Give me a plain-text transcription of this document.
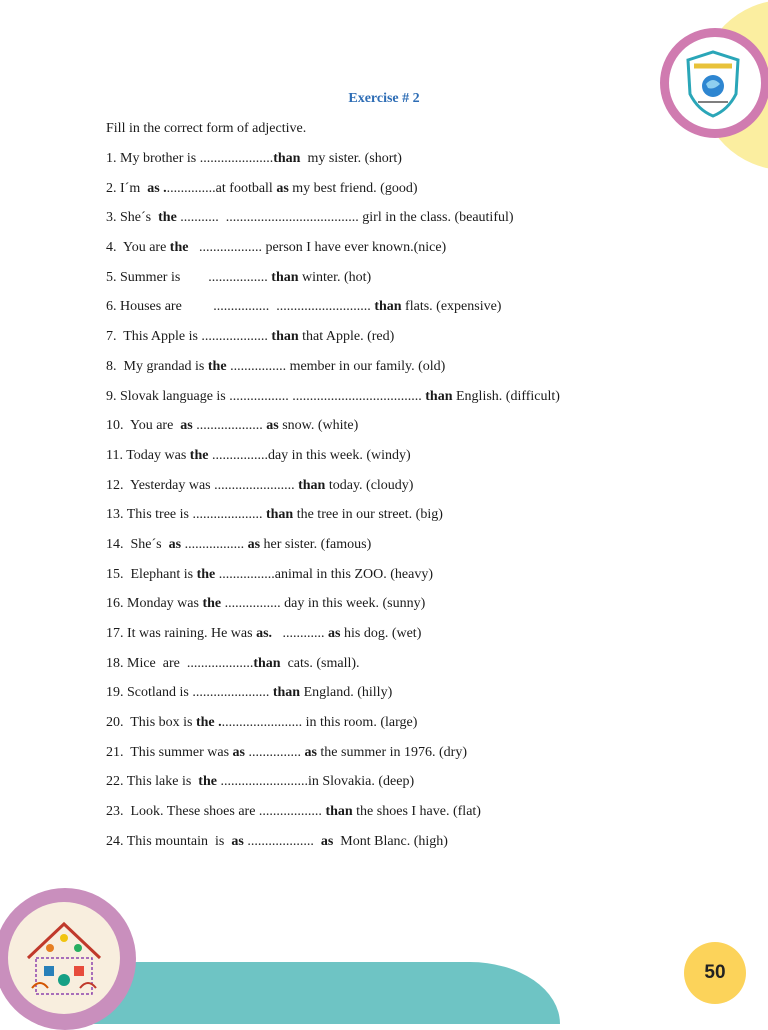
50
Exercise # 2
Fill in the correct form of adjective.
1. My brother is .....................than  my sister. (short)
2. I´m  as ...............at football as my best friend. (good)
3. She´s  the ...........  ...................................... girl in the class. (beautiful)
4.  You are the   .................. person I have ever known.(nice)
5. Summer is        ................. than winter. (hot)
6. Houses are         ................  ........................... than flats. (expensive)
7.  This Apple is ................... than that Apple. (red)
8.  My grandad is the ................ member in our family. (old)
9. Slovak language is ................. ..................................... than English. (difficult)
10.  You are  as ................... as snow. (white)
11. Today was the ................day in this week. (windy)
12.  Yesterday was ....................... than today. (cloudy)
13. This tree is .................... than the tree in our street. (big)
14.  She´s  as ................. as her sister. (famous)
15.  Elephant is the ................animal in this ZOO. (heavy)
16. Monday was the ................ day in this week. (sunny)
17. It was raining. He was as.   ............ as his dog. (wet)
18. Mice  are  ...................than  cats. (small).
19. Scotland is ...................... than England. (hilly)
20.  This box is the ........................ in this room. (large)
21.  This summer was as ............... as the summer in 1976. (dry)
22. This lake is  the .........................in Slovakia. (deep)
23.  Look. These shoes are .................. than the shoes I have. (flat)
24. This mountain  is  as ...................  as  Mont Blanc. (high)
